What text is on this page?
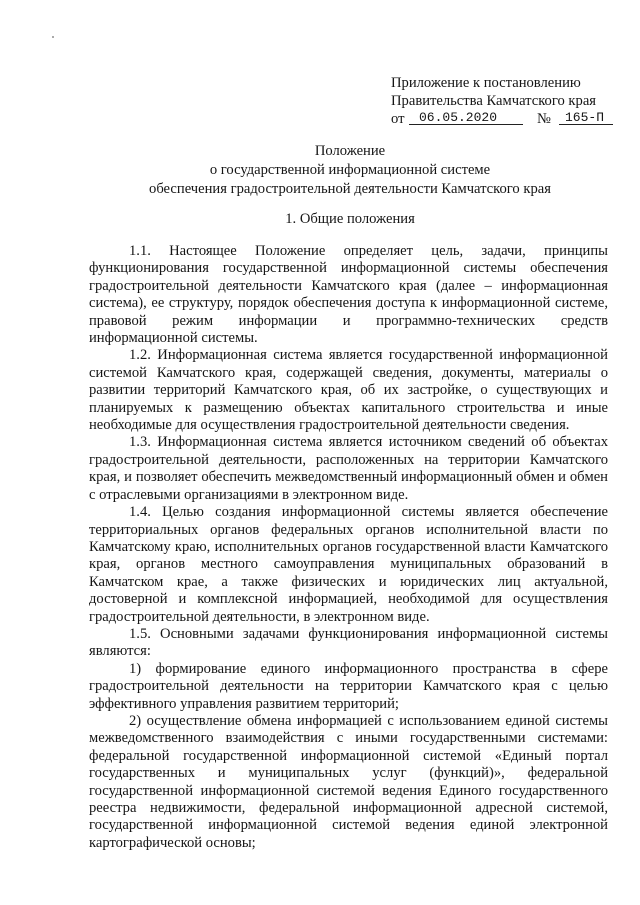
Приложение к постановлению
Правительства Камчатского края
от	06.05.2020	№	165-П
Положение
о государственной информационной системе
обеспечения градостроительной деятельности Камчатского края
1. Общие положения

1.1. Настоящее Положение определяет цель, задачи, принципы функционирования государственной информационной системы обеспечения градостроительной деятельности Камчатского края (далее – информационная система), ее структуру, порядок обеспечения доступа к информационной системе, правовой режим информации и программно-технических средств информационной системы.

1.2. Информационная система является государственной информационной системой Камчатского края, содержащей сведения, документы, материалы о развитии территорий Камчатского края, об их застройке, о существующих и планируемых к размещению объектах капитального строительства и иные необходимые для осуществления градостроительной деятельности сведения.

1.3. Информационная система является источником сведений об объектах градостроительной деятельности, расположенных на территории Камчатского края, и позволяет обеспечить межведомственный информационный обмен и обмен с отраслевыми организациями в электронном виде.

1.4. Целью создания информационной системы является обеспечение территориальных органов федеральных органов исполнительной власти по Камчатскому краю, исполнительных органов государственной власти Камчатского края, органов местного самоуправления муниципальных образований в Камчатском крае, а также физических и юридических лиц актуальной, достоверной и комплексной информацией, необходимой для осуществления градостроительной деятельности, в электронном виде.

1.5. Основными задачами функционирования информационной системы являются:

1) формирование единого информационного пространства в сфере градостроительной деятельности на территории Камчатского края с целью эффективного управления развитием территорий;

2) осуществление обмена информацией с использованием единой системы межведомственного взаимодействия с иными государственными системами: федеральной государственной информационной системой «Единый портал государственных и муниципальных услуг (функций)», федеральной государственной информационной системой ведения Единого государственного реестра недвижимости, федеральной информационной адресной системой, государственной информационной системой ведения единой электронной картографической основы;
